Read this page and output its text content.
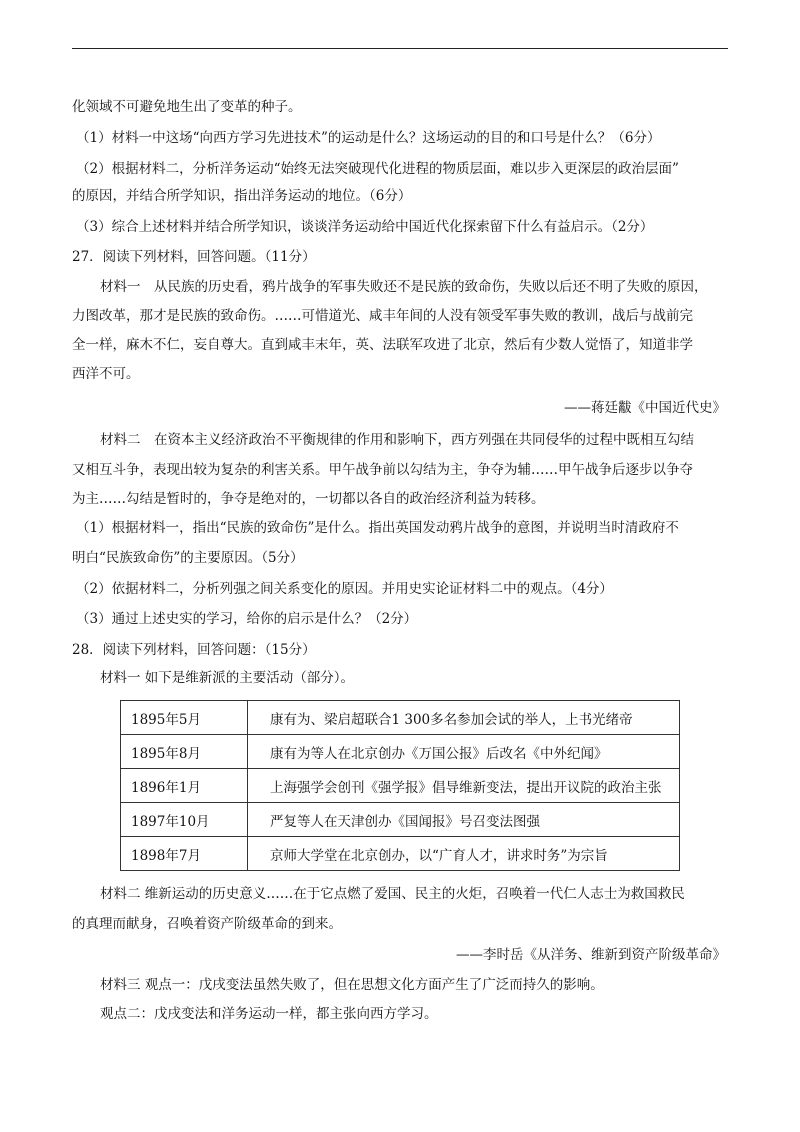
化领域不可避免地生出了变革的种子。
（1）材料一中这场“向西方学习先进技术”的运动是什么？这场运动的目的和口号是什么？（6分）
（2）根据材料二，分析洋务运动“始终无法突破现代化进程的物质层面，难以步入更深层的政治层面”
的原因，并结合所学知识，指出洋务运动的地位。（6分）
（3）综合上述材料并结合所学知识，谈谈洋务运动给中国近代化探索留下什么有益启示。（2分）
27．阅读下列材料，回答问题。（11分）
材料一　从民族的历史看，鸦片战争的军事失败还不是民族的致命伤，失败以后还不明了失败的原因，
力图改革，那才是民族的致命伤。……可惜道光、咸丰年间的人没有领受军事失败的教训，战后与战前完
全一样，麻木不仁，妄自尊大。直到咸丰末年，英、法联军攻进了北京，然后有少数人觉悟了，知道非学
西洋不可。
——蒋廷黻《中国近代史》
材料二　在资本主义经济政治不平衡规律的作用和影响下，西方列强在共同侵华的过程中既相互勾结
又相互斗争，表现出较为复杂的利害关系。甲午战争前以勾结为主，争夺为辅……甲午战争后逐步以争夺
为主……勾结是暂时的，争夺是绝对的，一切都以各自的政治经济利益为转移。
（1）根据材料一，指出“民族的致命伤”是什么。指出英国发动鸦片战争的意图，并说明当时清政府不
明白“民族致命伤”的主要原因。（5分）
（2）依据材料二，分析列强之间关系变化的原因。并用史实论证材料二中的观点。（4分）
（3）通过上述史实的学习，给你的启示是什么？（2分）
28．阅读下列材料，回答问题：（15分）
材料一 如下是维新派的主要活动（部分）。
1895年5月	康有为、梁启超联合1 300多名参加会试的举人，上书光绪帝
1895年8月	康有为等人在北京创办《万国公报》后改名《中外纪闻》
1896年1月	上海强学会创刊《强学报》倡导维新变法，提出开议院的政治主张
1897年10月	严复等人在天津创办《国闻报》号召变法图强
1898年7月	京师大学堂在北京创办，以“广育人才，讲求时务”为宗旨
材料二 维新运动的历史意义……在于它点燃了爱国、民主的火炬，召唤着一代仁人志士为救国救民
的真理而献身，召唤着资产阶级革命的到来。
——李时岳《从洋务、维新到资产阶级革命》
材料三 观点一：戊戌变法虽然失败了，但在思想文化方面产生了广泛而持久的影响。
观点二：戊戌变法和洋务运动一样，都主张向西方学习。
